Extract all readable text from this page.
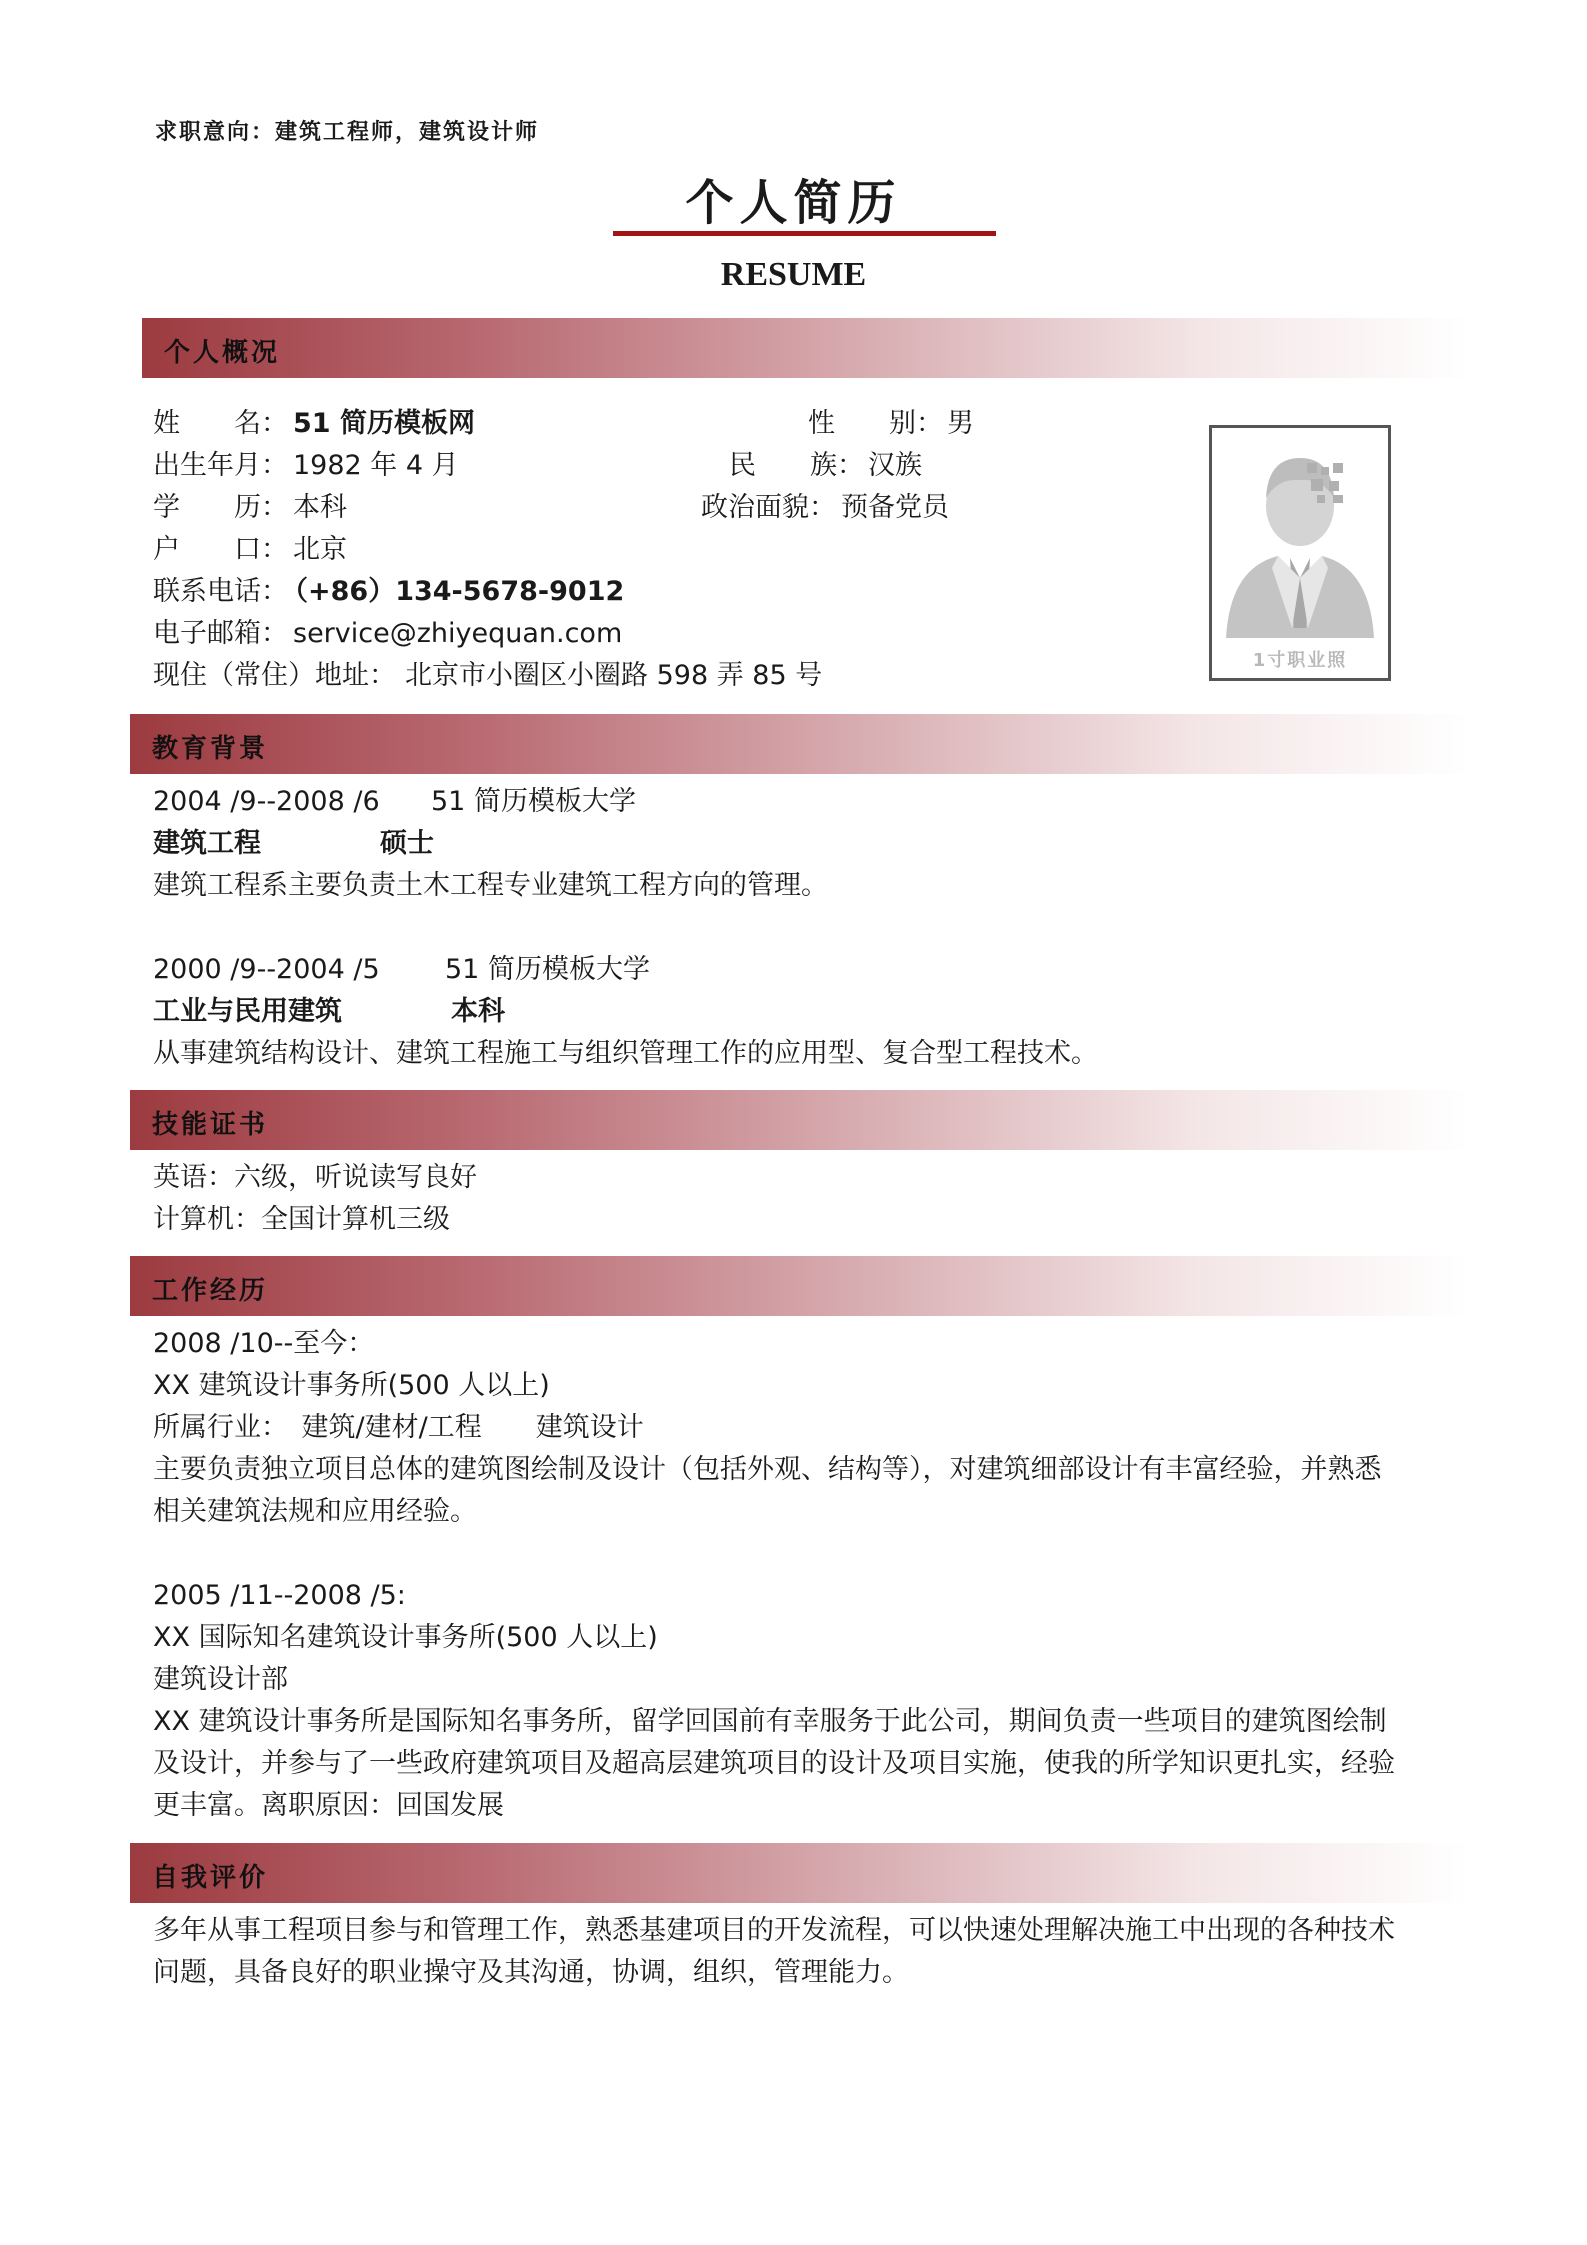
求职意向：建筑工程师，建筑设计师
个人简历
RESUME
个人概况
姓　　名： 51 简历模板网	性　　别： 男
出生年月： 1982 年 4 月	民　　族： 汉族
学　　历： 本科	政治面貌： 预备党员
户　　口： 北京
联系电话：
（+86）134-5678-9012
电子邮箱： service@zhiyequan.com
现住（常住）地址： 北京市小圈区小圈路 598 弄 85 号	1寸职业照
教育背景
2004 /9--2008 /6 51 简历模板大学
建筑工程	硕士
建筑工程系主要负责土木工程专业建筑工程方向的管理。
2000 /9--2004 /5 51 简历模板大学
工业与民用建筑	本科
从事建筑结构设计、建筑工程施工与组织管理工作的应用型、复合型工程技术。
技能证书
英语：六级，听说读写良好
计算机：全国计算机三级
工作经历
2008 /10--至今：
XX 建筑设计事务所(500 人以上)
所属行业：　建筑/建材/工程　　建筑设计
主要负责独立项目总体的建筑图绘制及设计（包括外观、结构等），对建筑细部设计有丰富经验，并熟悉
相关建筑法规和应用经验。
2005 /11--2008 /5:
XX 国际知名建筑设计事务所(500 人以上)
建筑设计部
XX 建筑设计事务所是国际知名事务所，留学回国前有幸服务于此公司，期间负责一些项目的建筑图绘制
及设计，并参与了一些政府建筑项目及超高层建筑项目的设计及项目实施，使我的所学知识更扎实，经验
更丰富。离职原因：回国发展
自我评价
多年从事工程项目参与和管理工作，熟悉基建项目的开发流程，可以快速处理解决施工中出现的各种技术
问题，具备良好的职业操守及其沟通，协调，组织，管理能力。
